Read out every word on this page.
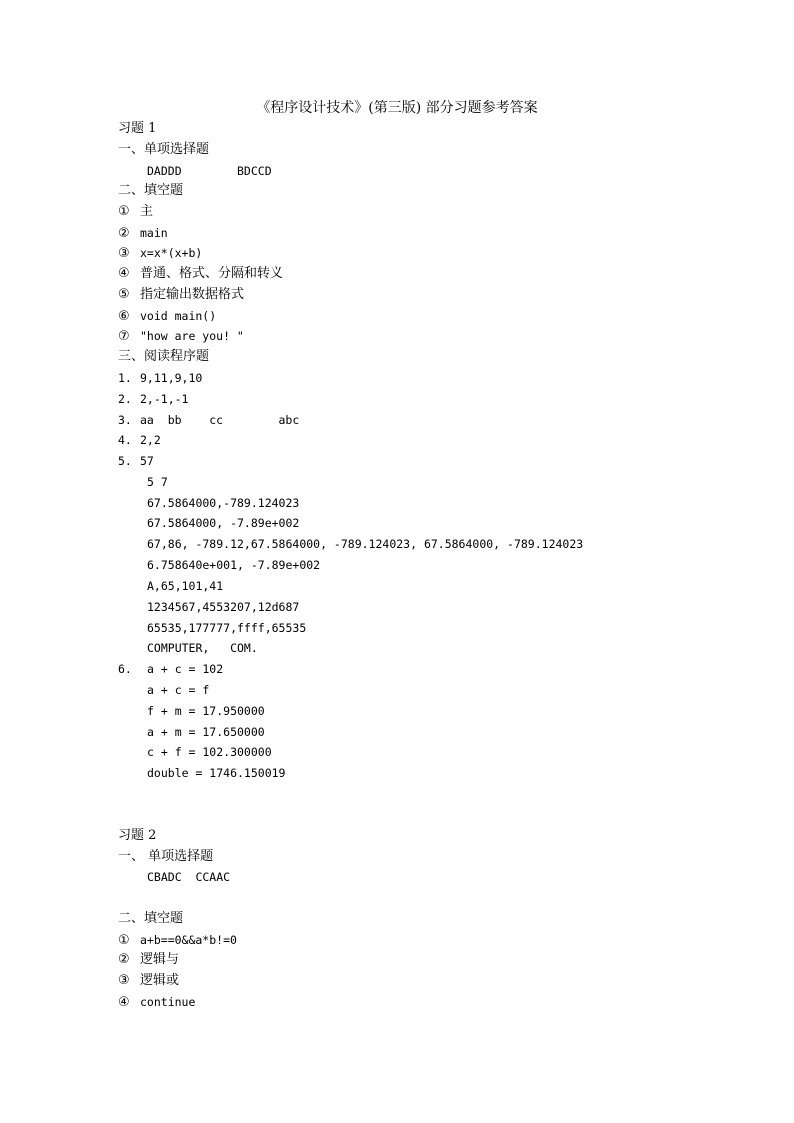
《程序设计技术》(第三版) 部分习题参考答案
习题 1
一、单项选择题
DADDD        BDCCD
二、填空题
① 主
② main
③ x=x*(x+b)
④ 普通、格式、分隔和转义
⑤ 指定输出数据格式
⑥ void main()
⑦ "how are you! "
三、阅读程序题
1. 9,11,9,10
2. 2,-1,-1
3. aa  bb    cc        abc
4. 2,2
5. 57
5 7
67.5864000,-789.124023
67.5864000, -7.89e+002
67,86, -789.12,67.5864000, -789.124023, 67.5864000, -789.124023
6.758640e+001, -7.89e+002
A,65,101,41
1234567,4553207,12d687
65535,177777,ffff,65535
COMPUTER,   COM.
6. a + c = 102
a + c = f
f + m = 17.950000
a + m = 17.650000
c + f = 102.300000
double = 1746.150019
习题 2
一、 单项选择题
CBADC  CCAAC
二、填空题
① a+b==0&&a*b!=0
② 逻辑与
③ 逻辑或
④ continue
